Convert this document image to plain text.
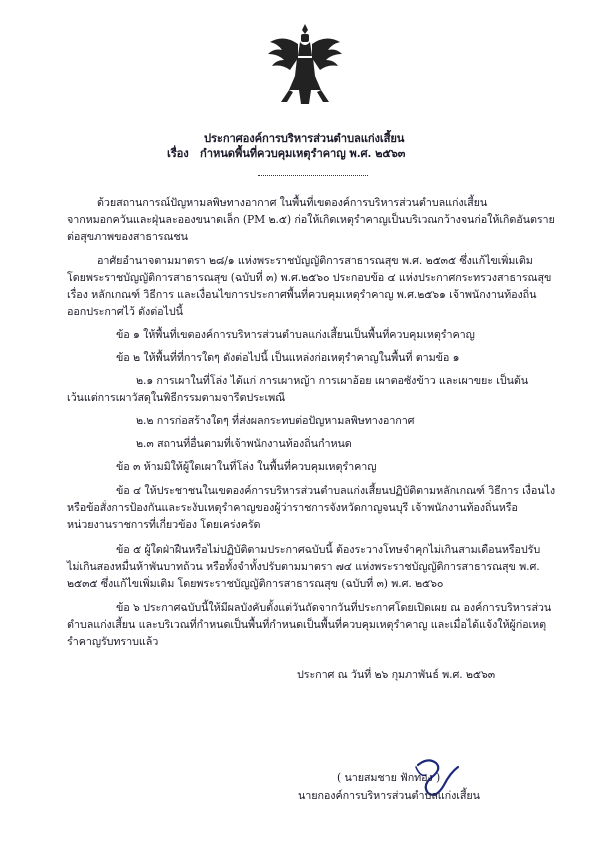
ประกาศองค์การบริหารส่วนตำบลแก่งเสี้ยน
เรื่อง กำหนดพื้นที่ควบคุมเหตุรำคาญ พ.ศ. ๒๕๖๓
ด้วยสถานการณ์ปัญหามลพิษทางอากาศ ในพื้นที่เขตองค์การบริหารส่วนตำบลแก่งเสี้ยน
จากหมอกควันและฝุ่นละอองขนาดเล็ก (PM ๒.๕) ก่อให้เกิดเหตุรำคาญเป็นบริเวณกว้างจนก่อให้เกิดอันตราย
ต่อสุขภาพของสาธารณชน
อาศัยอำนาจตามมาตรา ๒๘/๑ แห่งพระราชบัญญัติการสาธารณสุข พ.ศ. ๒๕๓๕ ซึ่งแก้ไขเพิ่มเติม
โดยพระราชบัญญัติการสาธารณสุข (ฉบับที่ ๓) พ.ศ.๒๕๖๐ ประกอบข้อ ๔ แห่งประกาศกระทรวงสาธารณสุข
เรื่อง หลักเกณฑ์ วิธีการ และเงื่อนไขการประกาศพื้นที่ควบคุมเหตุรำคาญ พ.ศ.๒๕๖๑ เจ้าพนักงานท้องถิ่น
ออกประกาศไว้ ดังต่อไปนี้
ข้อ ๑ ให้พื้นที่เขตองค์การบริหารส่วนตำบลแก่งเสี้ยนเป็นพื้นที่ควบคุมเหตุรำคาญ
ข้อ ๒ ให้พื้นที่ที่การใดๆ ดังต่อไปนี้ เป็นแหล่งก่อเหตุรำคาญในพื้นที่ ตามข้อ ๑
๒.๑ การเผาในที่โล่ง ได้แก่ การเผาหญ้า การเผาอ้อย เผาตอซังข้าว และเผาขยะ เป็นต้น
เว้นแต่การเผาวัสดุในพิธีกรรมตามจารีตประเพณี
๒.๒ การก่อสร้างใดๆ ที่ส่งผลกระทบต่อปัญหามลพิษทางอากาศ
๒.๓ สถานที่อื่นตามที่เจ้าพนักงานท้องถิ่นกำหนด
ข้อ ๓ ห้ามมิให้ผู้ใดเผาในที่โล่ง ในพื้นที่ควบคุมเหตุรำคาญ
ข้อ ๔ ให้ประชาชนในเขตองค์การบริหารส่วนตำบลแก่งเสี้ยนปฏิบัติตามหลักเกณฑ์ วิธีการ เงื่อนไง
หรือข้อสั่งการป้องกันและระงับเหตุรำคาญของผู้ว่าราชการจังหวัดกาญจนบุรี เจ้าพนักงานท้องถิ่นหรือ
หน่วยงานราชการที่เกี่ยวข้อง โดยเคร่งครัด
ข้อ ๕ ผู้ใดฝ่าฝืนหรือไม่ปฏิบัติตามประกาศฉบับนี้ ต้องระวางโทษจำคุกไม่เกินสามเดือนหรือปรับ
ไม่เกินสองหมื่นห้าพันบาทถ้วน หรือทั้งจำทั้งปรับตามมาตรา ๗๔ แห่งพระราชบัญญัติการสาธารณสุข พ.ศ.
๒๕๓๕ ซึ่งแก้ไขเพิ่มเติม โดยพระราชบัญญัติการสาธารณสุข (ฉบับที่ ๓) พ.ศ. ๒๕๖๐
ข้อ ๖ ประกาศฉบับนี้ให้มีผลบังคับตั้งแต่วันถัดจากวันที่ประกาศโดยเปิดเผย ณ องค์การบริหารส่วน
ตำบลแก่งเสี้ยน และบริเวณที่กำหนดเป็นพื้นที่กำหนดเป็นพื้นที่ควบคุมเหตุรำคาญ และเมื่อได้แจ้งให้ผู้ก่อเหตุ
รำคาญรับทราบแล้ว
ประกาศ ณ วันที่ ๒๖ กุมภาพันธ์ พ.ศ. ๒๕๖๓
( นายสมชาย ฟักทอง )
นายกองค์การบริหารส่วนตำบลแก่งเสี้ยน
